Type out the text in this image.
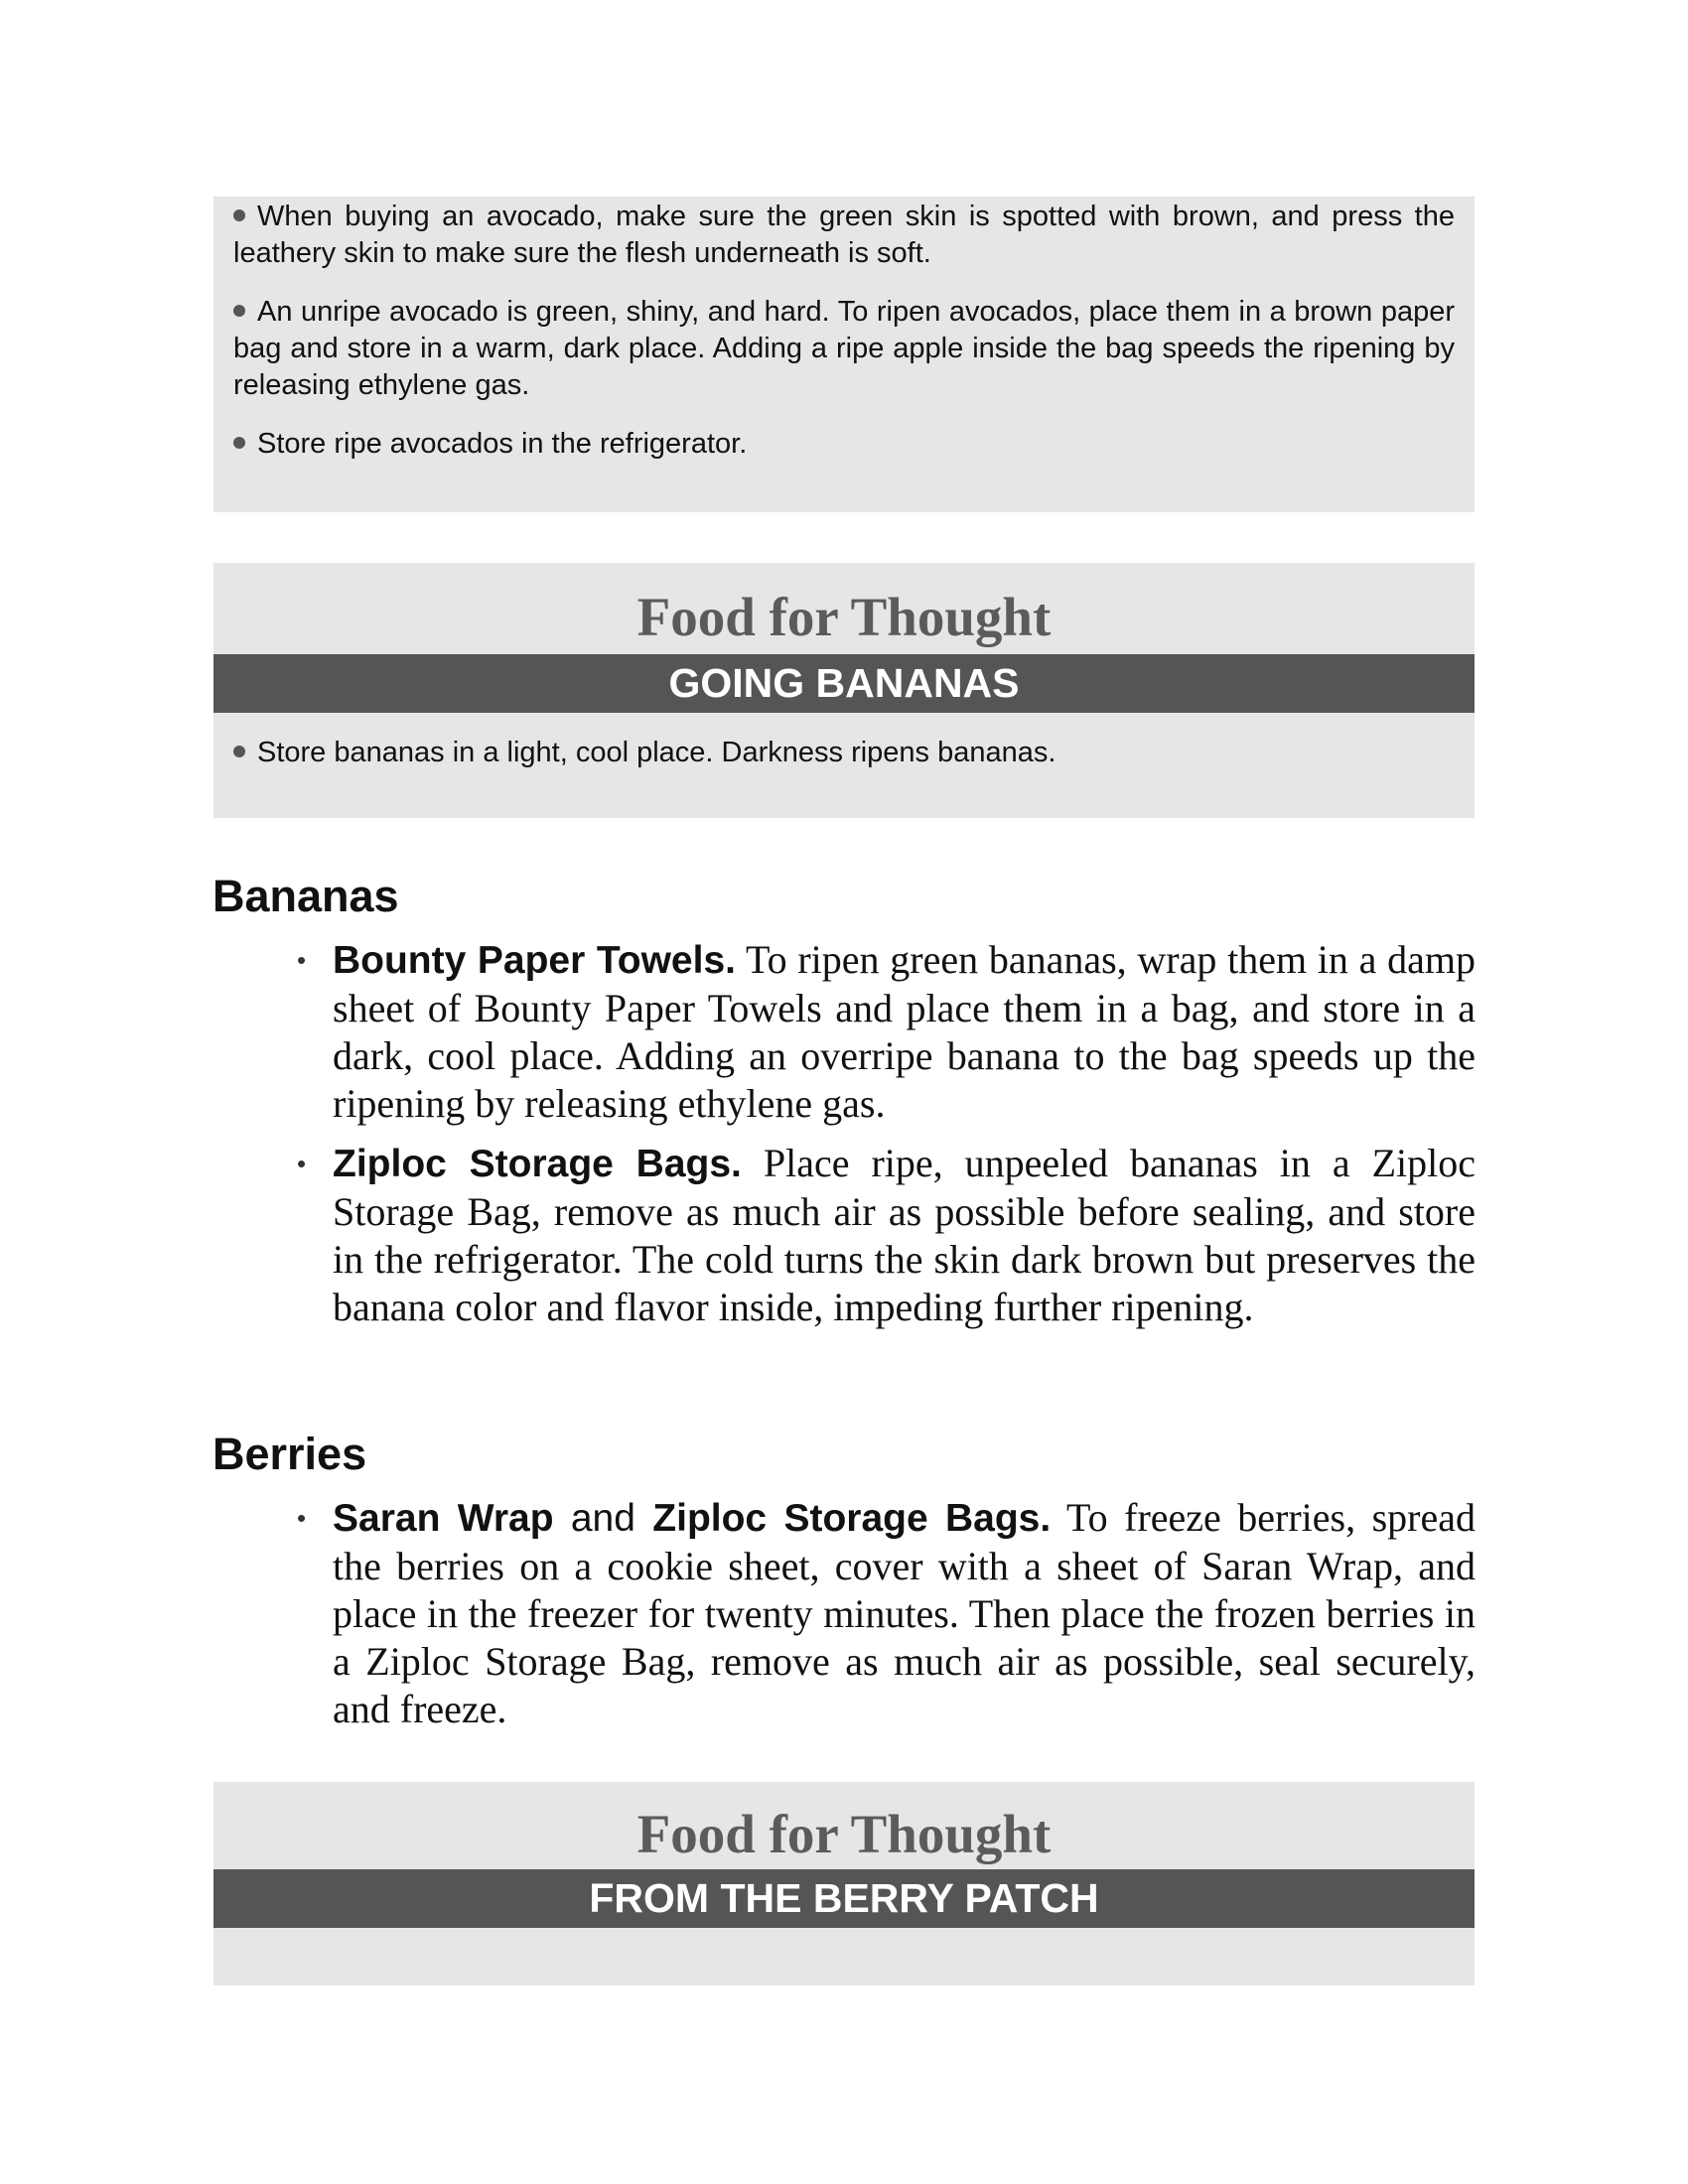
When buying an avocado, make sure the green skin is spotted with brown, and press the leathery skin to make sure the flesh underneath is soft.
An unripe avocado is green, shiny, and hard. To ripen avocados, place them in a brown paper bag and store in a warm, dark place. Adding a ripe apple inside the bag speeds the ripening by releasing ethylene gas.
Store ripe avocados in the refrigerator.
Food for Thought
GOING BANANAS
Store bananas in a light, cool place. Darkness ripens bananas.
Bananas
• Bounty Paper Towels. To ripen green bananas, wrap them in a damp sheet of Bounty Paper Towels and place them in a bag, and store in a dark, cool place. Adding an overripe banana to the bag speeds up the ripening by releasing ethylene gas.
• Ziploc Storage Bags. Place ripe, unpeeled bananas in a Ziploc Storage Bag, remove as much air as possible before sealing, and store in the refrigerator. The cold turns the skin dark brown but preserves the banana color and flavor inside, impeding further ripening.
Berries
• Saran Wrap and Ziploc Storage Bags. To freeze berries, spread the berries on a cookie sheet, cover with a sheet of Saran Wrap, and place in the freezer for twenty minutes. Then place the frozen berries in a Ziploc Storage Bag, remove as much air as possible, seal securely, and freeze.
Food for Thought
FROM THE BERRY PATCH
